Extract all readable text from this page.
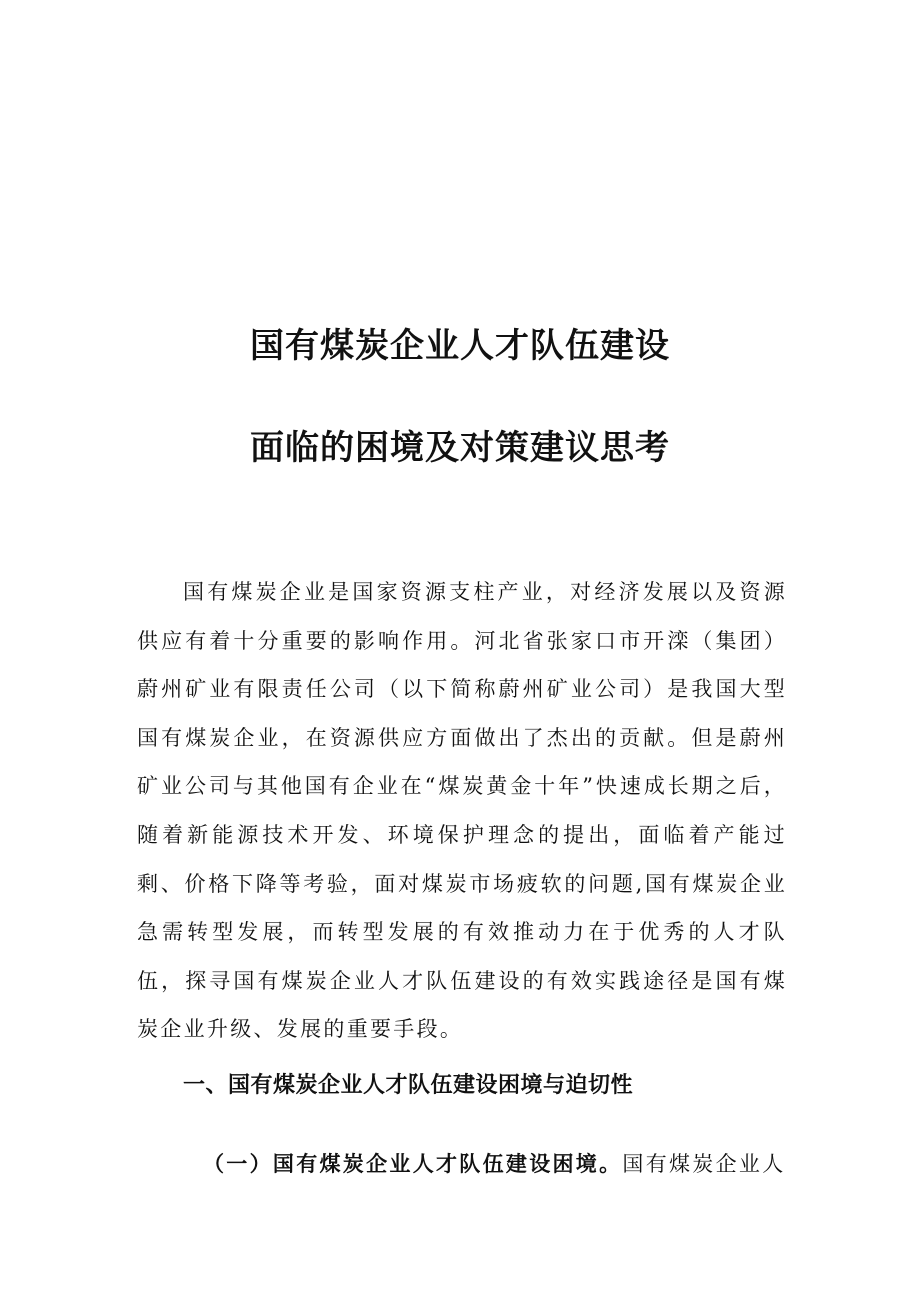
国有煤炭企业人才队伍建设
面临的困境及对策建议思考

国有煤炭企业是国家资源支柱产业，对经济发展以及资源供应有着十分重要的影响作用。河北省张家口市开滦（集团）蔚州矿业有限责任公司（以下简称蔚州矿业公司）是我国大型国有煤炭企业，在资源供应方面做出了杰出的贡献。但是蔚州矿业公司与其他国有企业在“煤炭黄金十年”快速成长期之后，随着新能源技术开发、环境保护理念的提出，面临着产能过剩、价格下降等考验，面对煤炭市场疲软的问题,国有煤炭企业急需转型发展，而转型发展的有效推动力在于优秀的人才队伍，探寻国有煤炭企业人才队伍建设的有效实践途径是国有煤炭企业升级、发展的重要手段。

一、国有煤炭企业人才队伍建设困境与迫切性

（一）国有煤炭企业人才队伍建设困境。国有煤炭企业人
